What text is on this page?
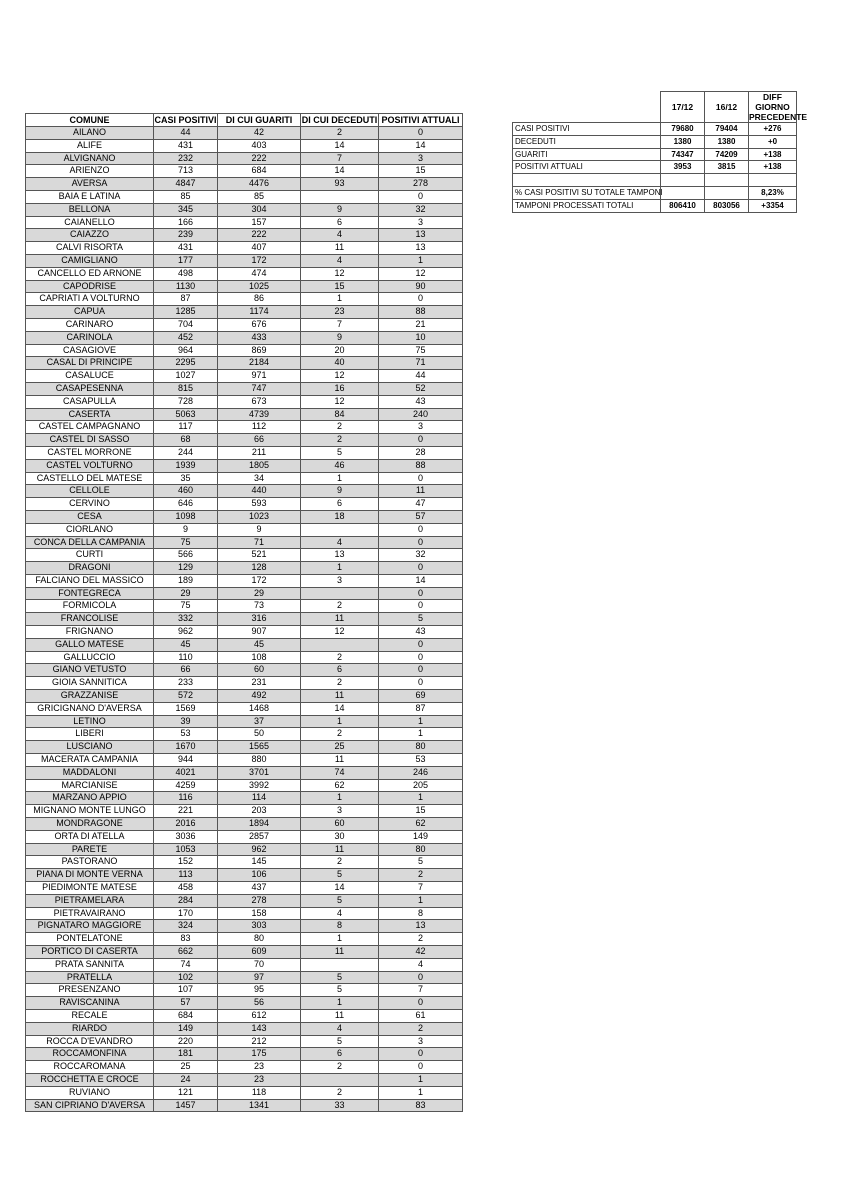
COMUNE	CASI POSITIVI	DI CUI GUARITI	DI CUI DECEDUTI	POSITIVI ATTUALI
AILANO	44	42	2	0
ALIFE	431	403	14	14
ALVIGNANO	232	222	7	3
ARIENZO	713	684	14	15
AVERSA	4847	4476	93	278
BAIA E LATINA	85	85		0
BELLONA	345	304	9	32
CAIANELLO	166	157	6	3
CAIAZZO	239	222	4	13
CALVI RISORTA	431	407	11	13
CAMIGLIANO	177	172	4	1
CANCELLO ED ARNONE	498	474	12	12
CAPODRISE	1130	1025	15	90
CAPRIATI A VOLTURNO	87	86	1	0
CAPUA	1285	1174	23	88
CARINARO	704	676	7	21
CARINOLA	452	433	9	10
CASAGIOVE	964	869	20	75
CASAL DI PRINCIPE	2295	2184	40	71
CASALUCE	1027	971	12	44
CASAPESENNA	815	747	16	52
CASAPULLA	728	673	12	43
CASERTA	5063	4739	84	240
CASTEL CAMPAGNANO	117	112	2	3
CASTEL DI SASSO	68	66	2	0
CASTEL MORRONE	244	211	5	28
CASTEL VOLTURNO	1939	1805	46	88
CASTELLO DEL MATESE	35	34	1	0
CELLOLE	460	440	9	11
CERVINO	646	593	6	47
CESA	1098	1023	18	57
CIORLANO	9	9		0
CONCA DELLA CAMPANIA	75	71	4	0
CURTI	566	521	13	32
DRAGONI	129	128	1	0
FALCIANO DEL MASSICO	189	172	3	14
FONTEGRECA	29	29		0
FORMICOLA	75	73	2	0
FRANCOLISE	332	316	11	5
FRIGNANO	962	907	12	43
GALLO MATESE	45	45		0
GALLUCCIO	110	108	2	0
GIANO VETUSTO	66	60	6	0
GIOIA SANNITICA	233	231	2	0
GRAZZANISE	572	492	11	69
GRICIGNANO D'AVERSA	1569	1468	14	87
LETINO	39	37	1	1
LIBERI	53	50	2	1
LUSCIANO	1670	1565	25	80
MACERATA CAMPANIA	944	880	11	53
MADDALONI	4021	3701	74	246
MARCIANISE	4259	3992	62	205
MARZANO APPIO	116	114	1	1
MIGNANO MONTE LUNGO	221	203	3	15
MONDRAGONE	2016	1894	60	62
ORTA DI ATELLA	3036	2857	30	149
PARETE	1053	962	11	80
PASTORANO	152	145	2	5
PIANA DI MONTE VERNA	113	106	5	2
PIEDIMONTE MATESE	458	437	14	7
PIETRAMELARA	284	278	5	1
PIETRAVAIRANO	170	158	4	8
PIGNATARO MAGGIORE	324	303	8	13
PONTELATONE	83	80	1	2
PORTICO DI CASERTA	662	609	11	42
PRATA SANNITA	74	70		4
PRATELLA	102	97	5	0
PRESENZANO	107	95	5	7
RAVISCANINA	57	56	1	0
RECALE	684	612	11	61
RIARDO	149	143	4	2
ROCCA D'EVANDRO	220	212	5	3
ROCCAMONFINA	181	175	6	0
ROCCAROMANA	25	23	2	0
ROCCHETTA E CROCE	24	23		1
RUVIANO	121	118	2	1
SAN CIPRIANO D'AVERSA	1457	1341	33	83
	17/12	16/12	DIFF GIORNO PRECEDENTE
CASI POSITIVI	79680	79404	+276
DECEDUTI	1380	1380	+0
GUARITI	74347	74209	+138
POSITIVI ATTUALI	3953	3815	+138

% CASI POSITIVI SU TOTALE TAMPONI			8,23%
TAMPONI PROCESSATI TOTALI	806410	803056	+3354
